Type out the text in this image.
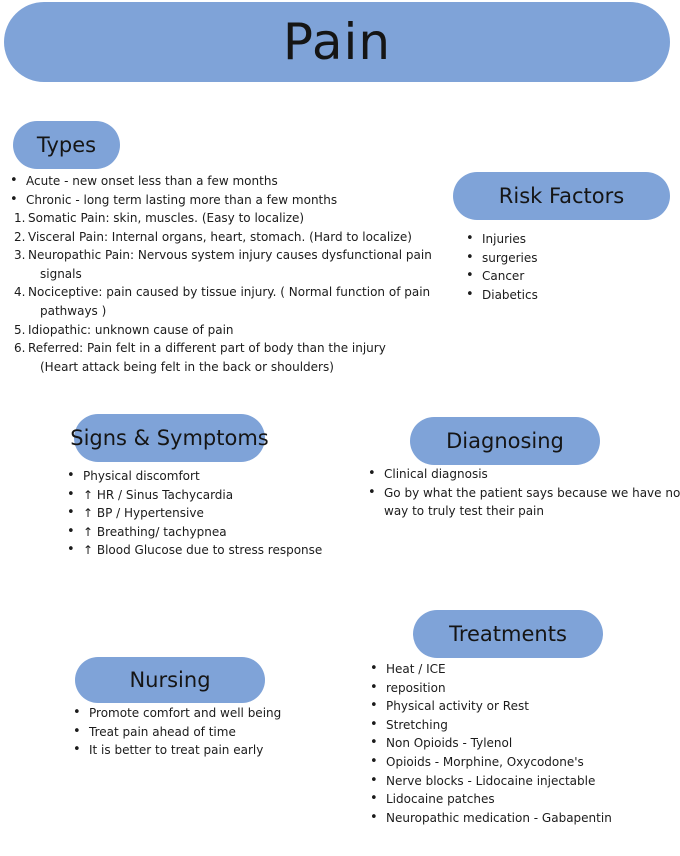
Pain
Types
• Acute - new onset less than a few months
• Chronic - long term lasting more than a few months
1. Somatic Pain: skin, muscles. (Easy to localize)
2. Visceral Pain: Internal organs, heart, stomach. (Hard to localize)
3. Neuropathic Pain: Nervous system injury causes dysfunctional pain
signals
4. Nociceptive: pain caused by tissue injury. ( Normal function of pain
pathways )
5. Idiopathic: unknown cause of pain
6. Referred: Pain felt in a different part of body than the injury
(Heart attack being felt in the back or shoulders)
Risk Factors
• Injuries
• surgeries
• Cancer
• Diabetics
Signs & Symptoms
• Physical discomfort
• ↑ HR / Sinus Tachycardia
• ↑ BP / Hypertensive
• ↑ Breathing/ tachypnea
• ↑ Blood Glucose due to stress response
Diagnosing
• Clinical diagnosis
• Go by what the patient says because we have no
way to truly test their pain
Treatments
• Heat / ICE
• reposition
• Physical activity or Rest
• Stretching
• Non Opioids - Tylenol
• Opioids - Morphine, Oxycodone's
• Nerve blocks - Lidocaine injectable
• Lidocaine patches
• Neuropathic medication - Gabapentin
Nursing
• Promote comfort and well being
• Treat pain ahead of time
• It is better to treat pain early
